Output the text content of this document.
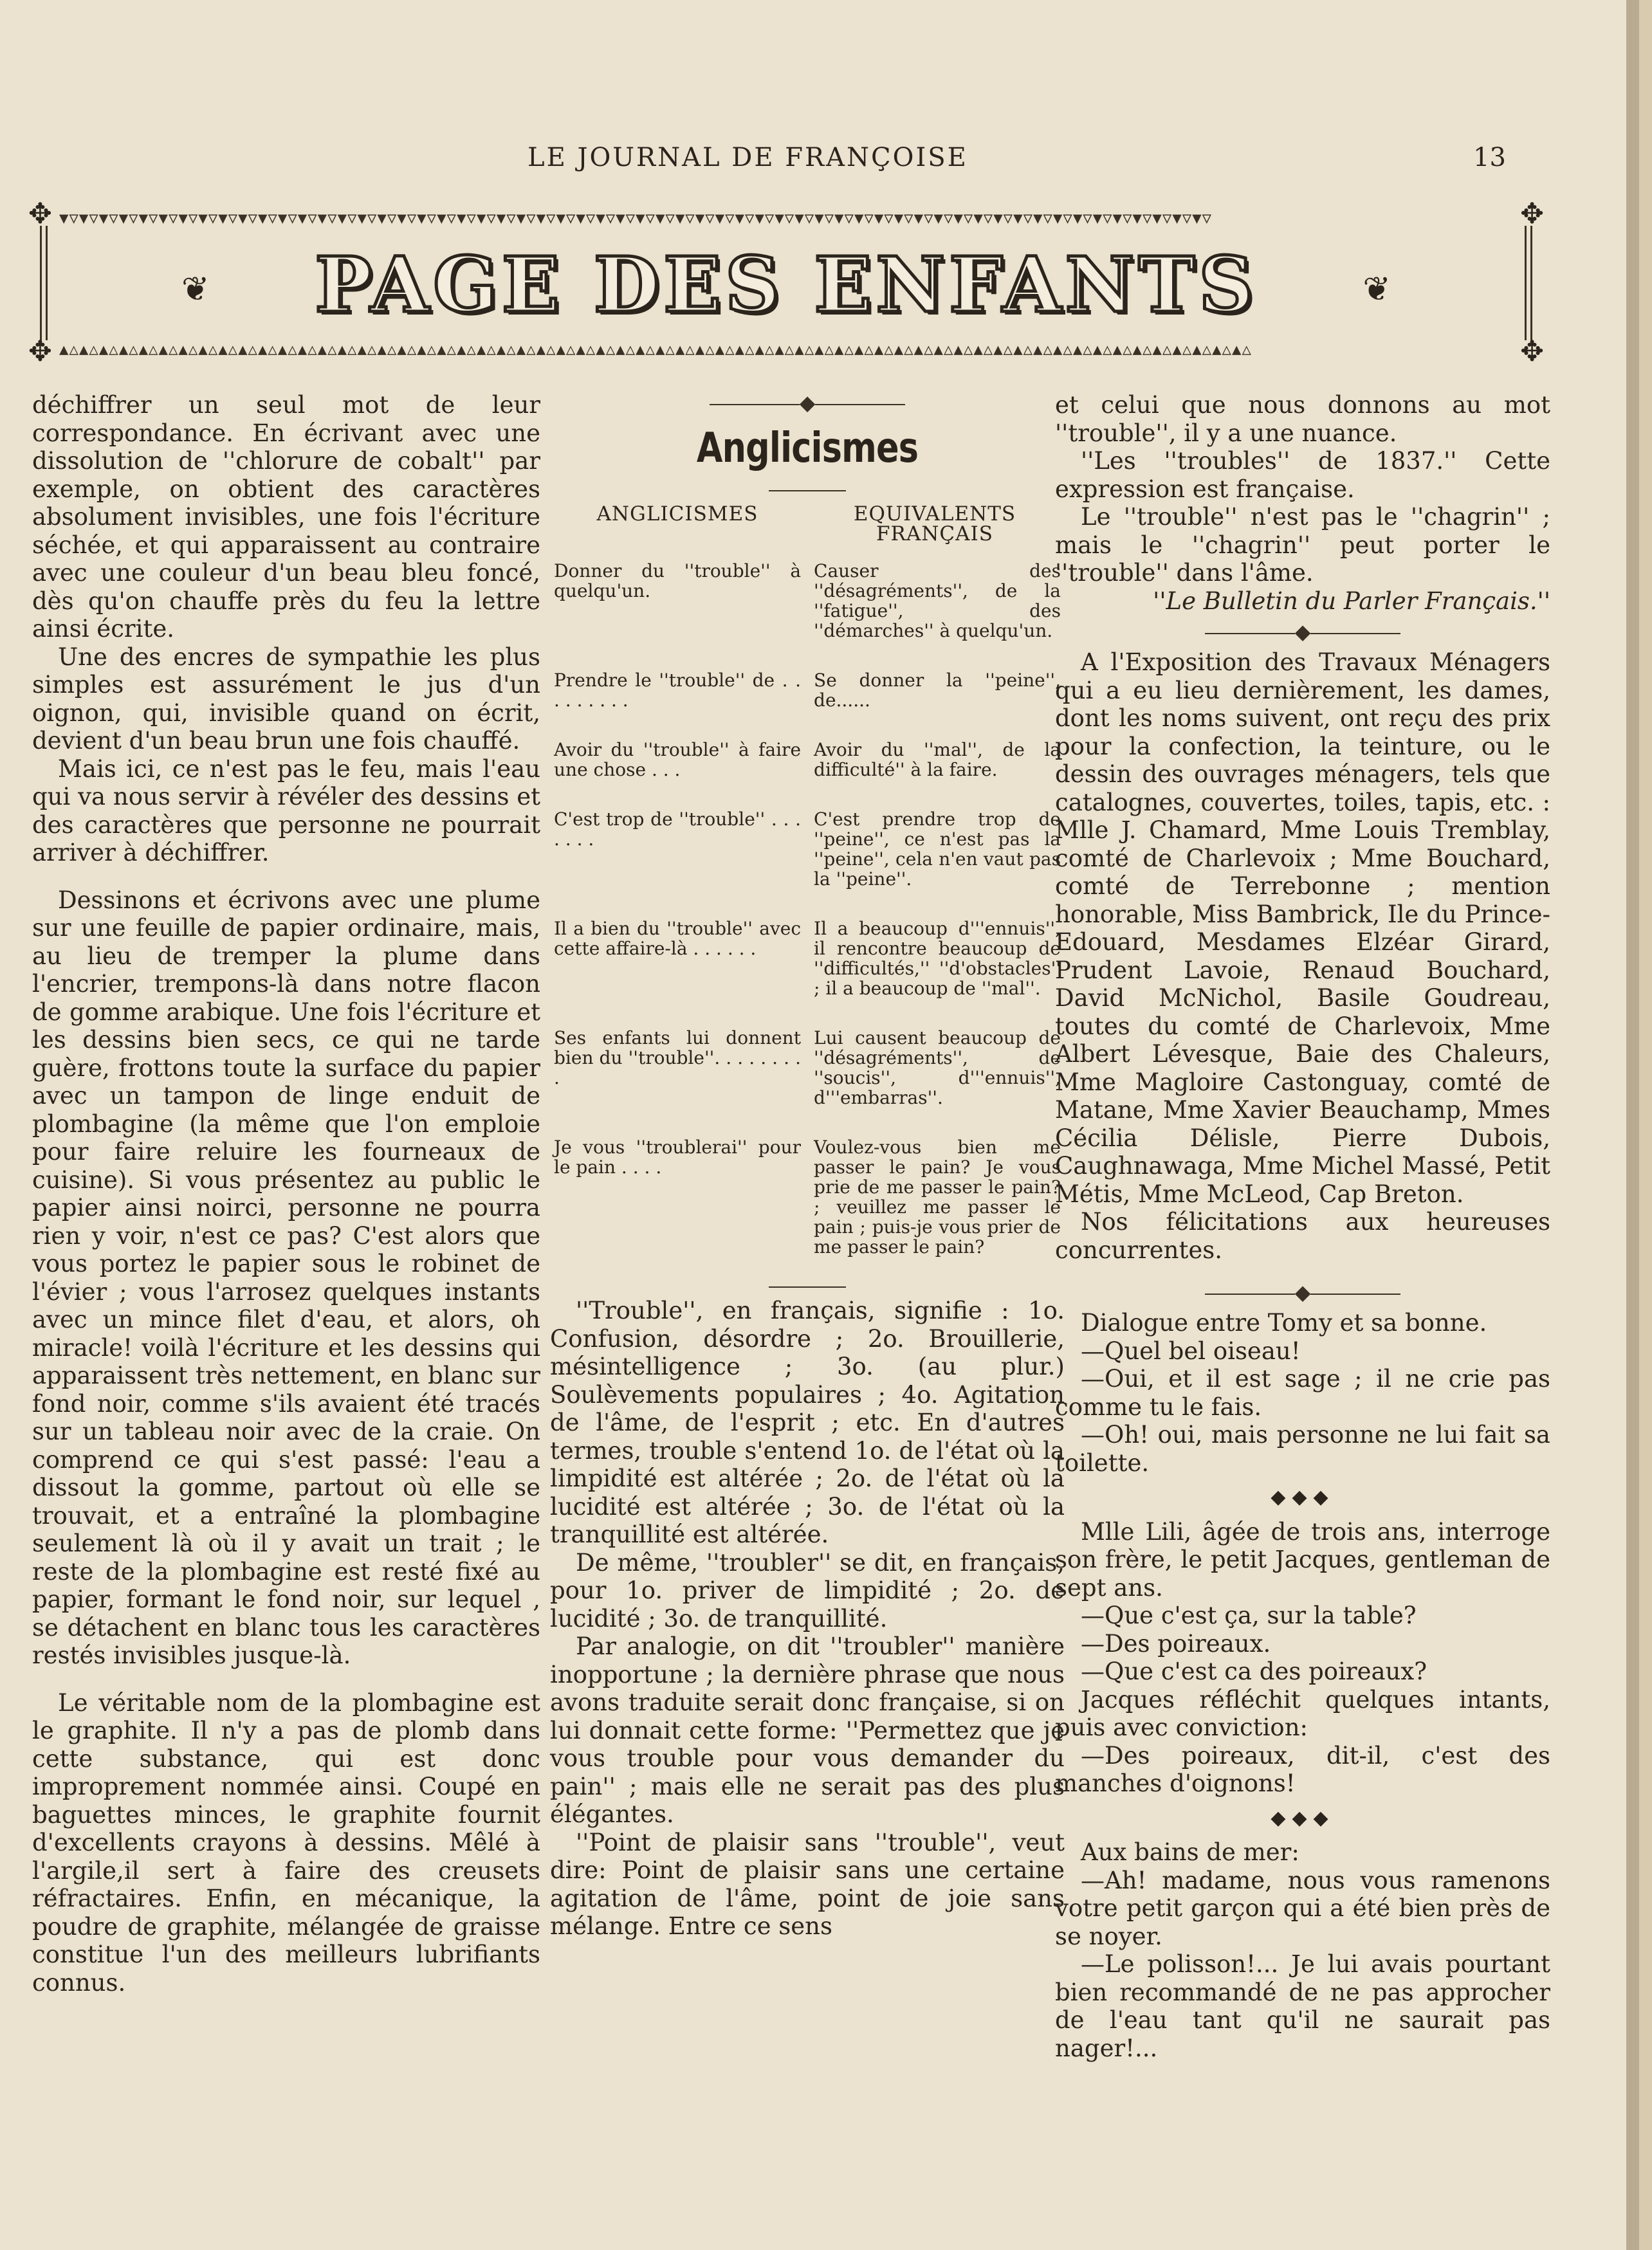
LE JOURNAL DE FRANÇOISE	13
▼▽▼▽▼▽▼▽▼▽▼▽▼▽▼▽▼▽▼▽▼▽▼▽▼▽▼▽▼▽▼▽▼▽▼▽▼▽▼▽▼▽▼▽▼▽▼▽▼▽▼▽▼▽▼▽▼▽▼▽▼▽▼▽▼▽▼▽▼▽▼▽▼▽▼▽▼▽▼▽▼▽▼▽▼▽▼▽▼▽▼▽▼▽▼▽▼▽▼▽▼▽▼▽▼▽▼▽▼▽▼▽▼▽▼▽
▲△▲△▲△▲△▲△▲△▲△▲△▲△▲△▲△▲△▲△▲△▲△▲△▲△▲△▲△▲△▲△▲△▲△▲△▲△▲△▲△▲△▲△▲△▲△▲△▲△▲△▲△▲△▲△▲△▲△▲△▲△▲△▲△▲△▲△▲△▲△▲△▲△▲△▲△▲△▲△▲△▲△▲△▲△▲△▲△▲△
✥	✥
✥	✥
❦	❦
PAGE DES ENFANTS

déchiffrer un seul mot de leur correspondance. En écrivant avec une dissolution de ''chlorure de cobalt'' par exemple, on obtient des caractères absolument invisibles, une fois l'écriture séchée, et qui apparaissent au contraire avec une couleur d'un beau bleu foncé, dès qu'on chauffe près du feu la lettre ainsi écrite.

Une des encres de sympathie les plus simples est assurément le jus d'un oignon, qui, invisible quand on écrit, devient d'un beau brun une fois chauffé.

Mais ici, ce n'est pas le feu, mais l'eau qui va nous servir à révéler des dessins et des caractères que personne ne pourrait arriver à déchiffrer.

Dessinons et écrivons avec une plume sur une feuille de papier ordinaire, mais, au lieu de tremper la plume dans l'encrier, trempons-là dans notre flacon de gomme arabique. Une fois l'écriture et les dessins bien secs, ce qui ne tarde guère, frottons toute la surface du papier avec un tampon de linge enduit de plombagine (la même que l'on emploie pour faire reluire les fourneaux de cuisine). Si vous présentez au public le papier ainsi noirci, personne ne pourra rien y voir, n'est ce pas? C'est alors que vous portez le papier sous le robinet de l'évier ; vous l'arrosez quelques instants avec un mince filet d'eau, et alors, oh miracle! voilà l'écriture et les dessins qui apparaissent très nettement, en blanc sur fond noir, comme s'ils avaient été tracés sur un tableau noir avec de la craie. On comprend ce qui s'est passé: l'eau a dissout la gomme, partout où elle se trouvait, et a entraîné la plombagine seulement là où il y avait un trait ; le reste de la plombagine est resté fixé au papier, formant le fond noir, sur lequel , se détachent en blanc tous les caractères restés invisibles jusque-là.

Le véritable nom de la plombagine est le graphite. Il n'y a pas de plomb dans cette substance, qui est donc improprement nommée ainsi. Coupé en baguettes minces, le graphite fournit d'excellents crayons à dessins. Mêlé à l'argile,il sert à faire des creusets réfractaires. Enfin, en mécanique, la poudre de graphite, mélangée de graisse constitue l'un des meilleurs lubrifiants connus.

◆
Anglicismes
ANGLICISMES	EQUIVALENTS FRANÇAIS
Donner du ''trouble'' à quelqu'un.	Causer des ''désagréments'', de la ''fatigue'', des ''démarches'' à quelqu'un.
Prendre le ''trouble'' de . . . . . . . . .	Se donner la ''peine'', de......
Avoir du ''trouble'' à faire une chose . . .	Avoir du ''mal'', de la difficulté'' à la faire.
C'est trop de ''trouble'' . . . . . . .	C'est prendre trop de ''peine'', ce n'est pas la ''peine'', cela n'en vaut pas la ''peine''.
Il a bien du ''trouble'' avec cette affaire-là . . . . . .	Il a beaucoup d'''ennuis'', il rencontre beaucoup de ''difficultés,'' ''d'obstacles'' ; il a beaucoup de ''mal''.
Ses enfants lui donnent bien du ''trouble''. . . . . . . . .	Lui causent beaucoup de ''désagréments'', de ''soucis'', d'''ennuis'', d'''embarras''.
Je vous ''troublerai'' pour le pain . . . .	Voulez-vous bien me passer le pain? Je vous prie de me passer le pain? ; veuillez me passer le pain ; puis-je vous prier de me passer le pain?

''Trouble'', en français, signifie : 1o. Confusion, désordre ; 2o. Brouillerie, mésintelligence ; 3o. (au plur.) Soulèvements populaires ; 4o. Agitation de l'âme, de l'esprit ; etc. En d'autres termes, trouble s'entend 1o. de l'état où la limpidité est altérée ; 2o. de l'état où la lucidité est altérée ; 3o. de l'état où la tranquillité est altérée.

De même, ''troubler'' se dit, en français, pour 1o. priver de limpidité ; 2o. de lucidité ; 3o. de tranquillité.

Par analogie, on dit ''troubler'' manière inopportune ; la dernière phrase que nous avons traduite serait donc française, si on lui donnait cette forme: ''Permettez que je vous trouble pour vous demander du pain'' ; mais elle ne serait pas des plus élégantes.

''Point de plaisir sans ''trouble'', veut dire: Point de plaisir sans une certaine agitation de l'âme, point de joie sans mélange. Entre ce sens

et celui que nous donnons au mot ''trouble'', il y a une nuance.

''Les ''troubles'' de 1837.'' Cette expression est française.

Le ''trouble'' n'est pas le ''chagrin'' ; mais le ''chagrin'' peut porter le ''trouble'' dans l'âme.

''Le Bulletin du Parler Français.''

◆

A l'Exposition des Travaux Ménagers qui a eu lieu dernièrement, les dames, dont les noms suivent, ont reçu des prix pour la confection, la teinture, ou le dessin des ouvrages ménagers, tels que catalognes, couvertes, toiles, tapis, etc. : Mlle J. Chamard, Mme Louis Tremblay, comté de Charlevoix ; Mme Bouchard, comté de Terrebonne ; mention honorable, Miss Bambrick, Ile du Prince-Edouard, Mesdames Elzéar Girard, Prudent Lavoie, Renaud Bouchard, David McNichol, Basile Goudreau, toutes du comté de Charlevoix, Mme Albert Lévesque, Baie des Chaleurs, Mme Magloire Castonguay, comté de Matane, Mme Xavier Beauchamp, Mmes Cécilia Délisle, Pierre Dubois, Caughnawaga, Mme Michel Massé, Petit Métis, Mme McLeod, Cap Breton.

Nos félicitations aux heureuses concurrentes.

◆

Dialogue entre Tomy et sa bonne.

—Quel bel oiseau!

—Oui, et il est sage ; il ne crie pas comme tu le fais.

—Oh! oui, mais personne ne lui fait sa toilette.

◆◆◆

Mlle Lili, âgée de trois ans, interroge son frère, le petit Jacques, gentleman de sept ans.

—Que c'est ça, sur la table?

—Des poireaux.

—Que c'est ca des poireaux?

Jacques réfléchit quelques intants, puis avec conviction:

—Des poireaux, dit-il, c'est des manches d'oignons!

◆◆◆

Aux bains de mer:

—Ah! madame, nous vous ramenons votre petit garçon qui a été bien près de se noyer.

—Le polisson!... Je lui avais pourtant bien recommandé de ne pas approcher de l'eau tant qu'il ne saurait pas nager!...
